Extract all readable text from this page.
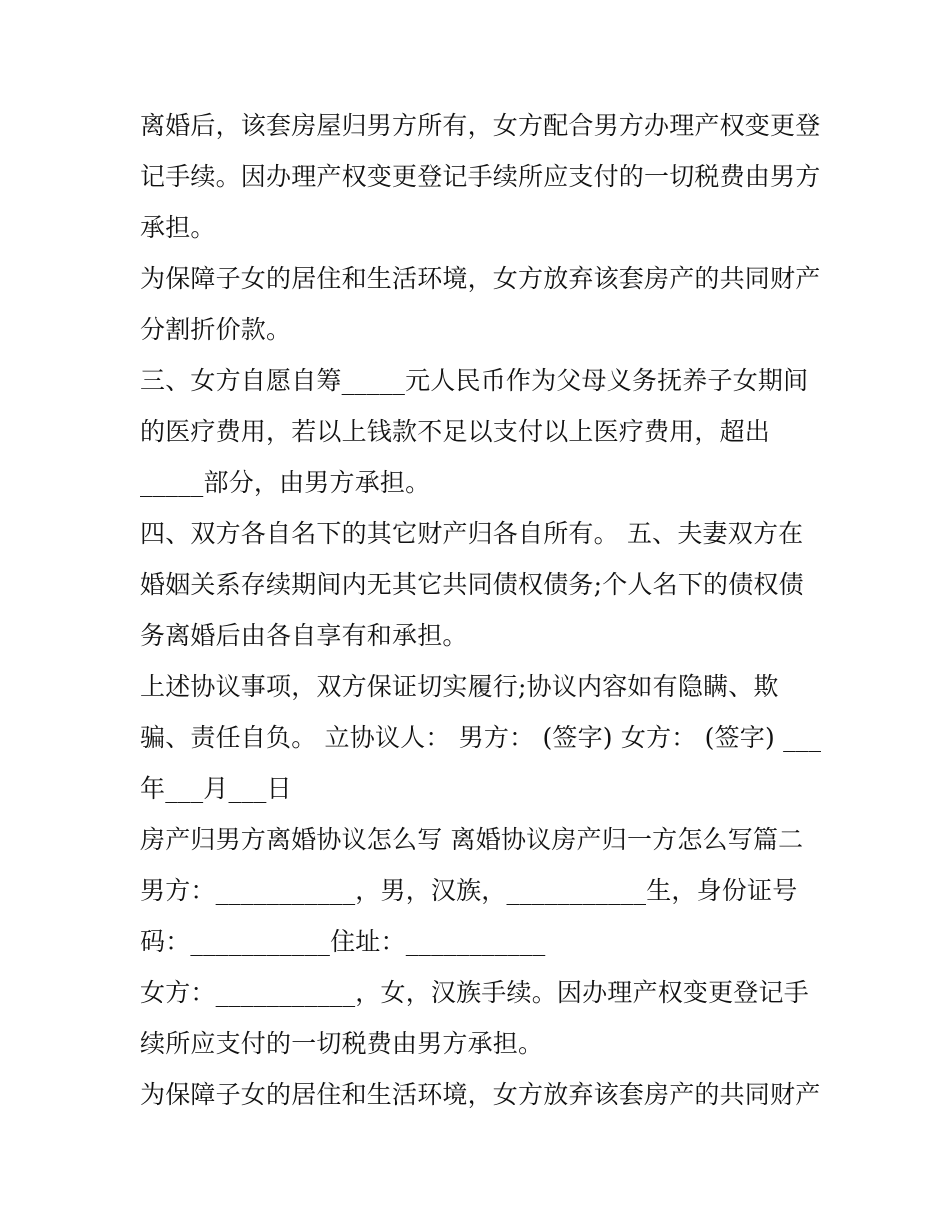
离婚后，该套房屋归男方所有，女方配合男方办理产权变更登
记手续。因办理产权变更登记手续所应支付的一切税费由男方
承担。
为保障子女的居住和生活环境，女方放弃该套房产的共同财产
分割折价款。
三、女方自愿自筹_____元人民币作为父母义务抚养子女期间
的医疗费用，若以上钱款不足以支付以上医疗费用，超出
_____部分，由男方承担。
四、双方各自名下的其它财产归各自所有。 五、夫妻双方在
婚姻关系存续期间内无其它共同债权债务;个人名下的债权债
务离婚后由各自享有和承担。
上述协议事项，双方保证切实履行;协议内容如有隐瞒、欺
骗、责任自负。 立协议人： 男方： (签字) 女方： (签字) ___
年___月___日
房产归男方离婚协议怎么写 离婚协议房产归一方怎么写篇二
男方：___________，男，汉族，___________生，身份证号
码：___________住址：___________
女方：___________，女，汉族手续。因办理产权变更登记手
续所应支付的一切税费由男方承担。
为保障子女的居住和生活环境，女方放弃该套房产的共同财产
